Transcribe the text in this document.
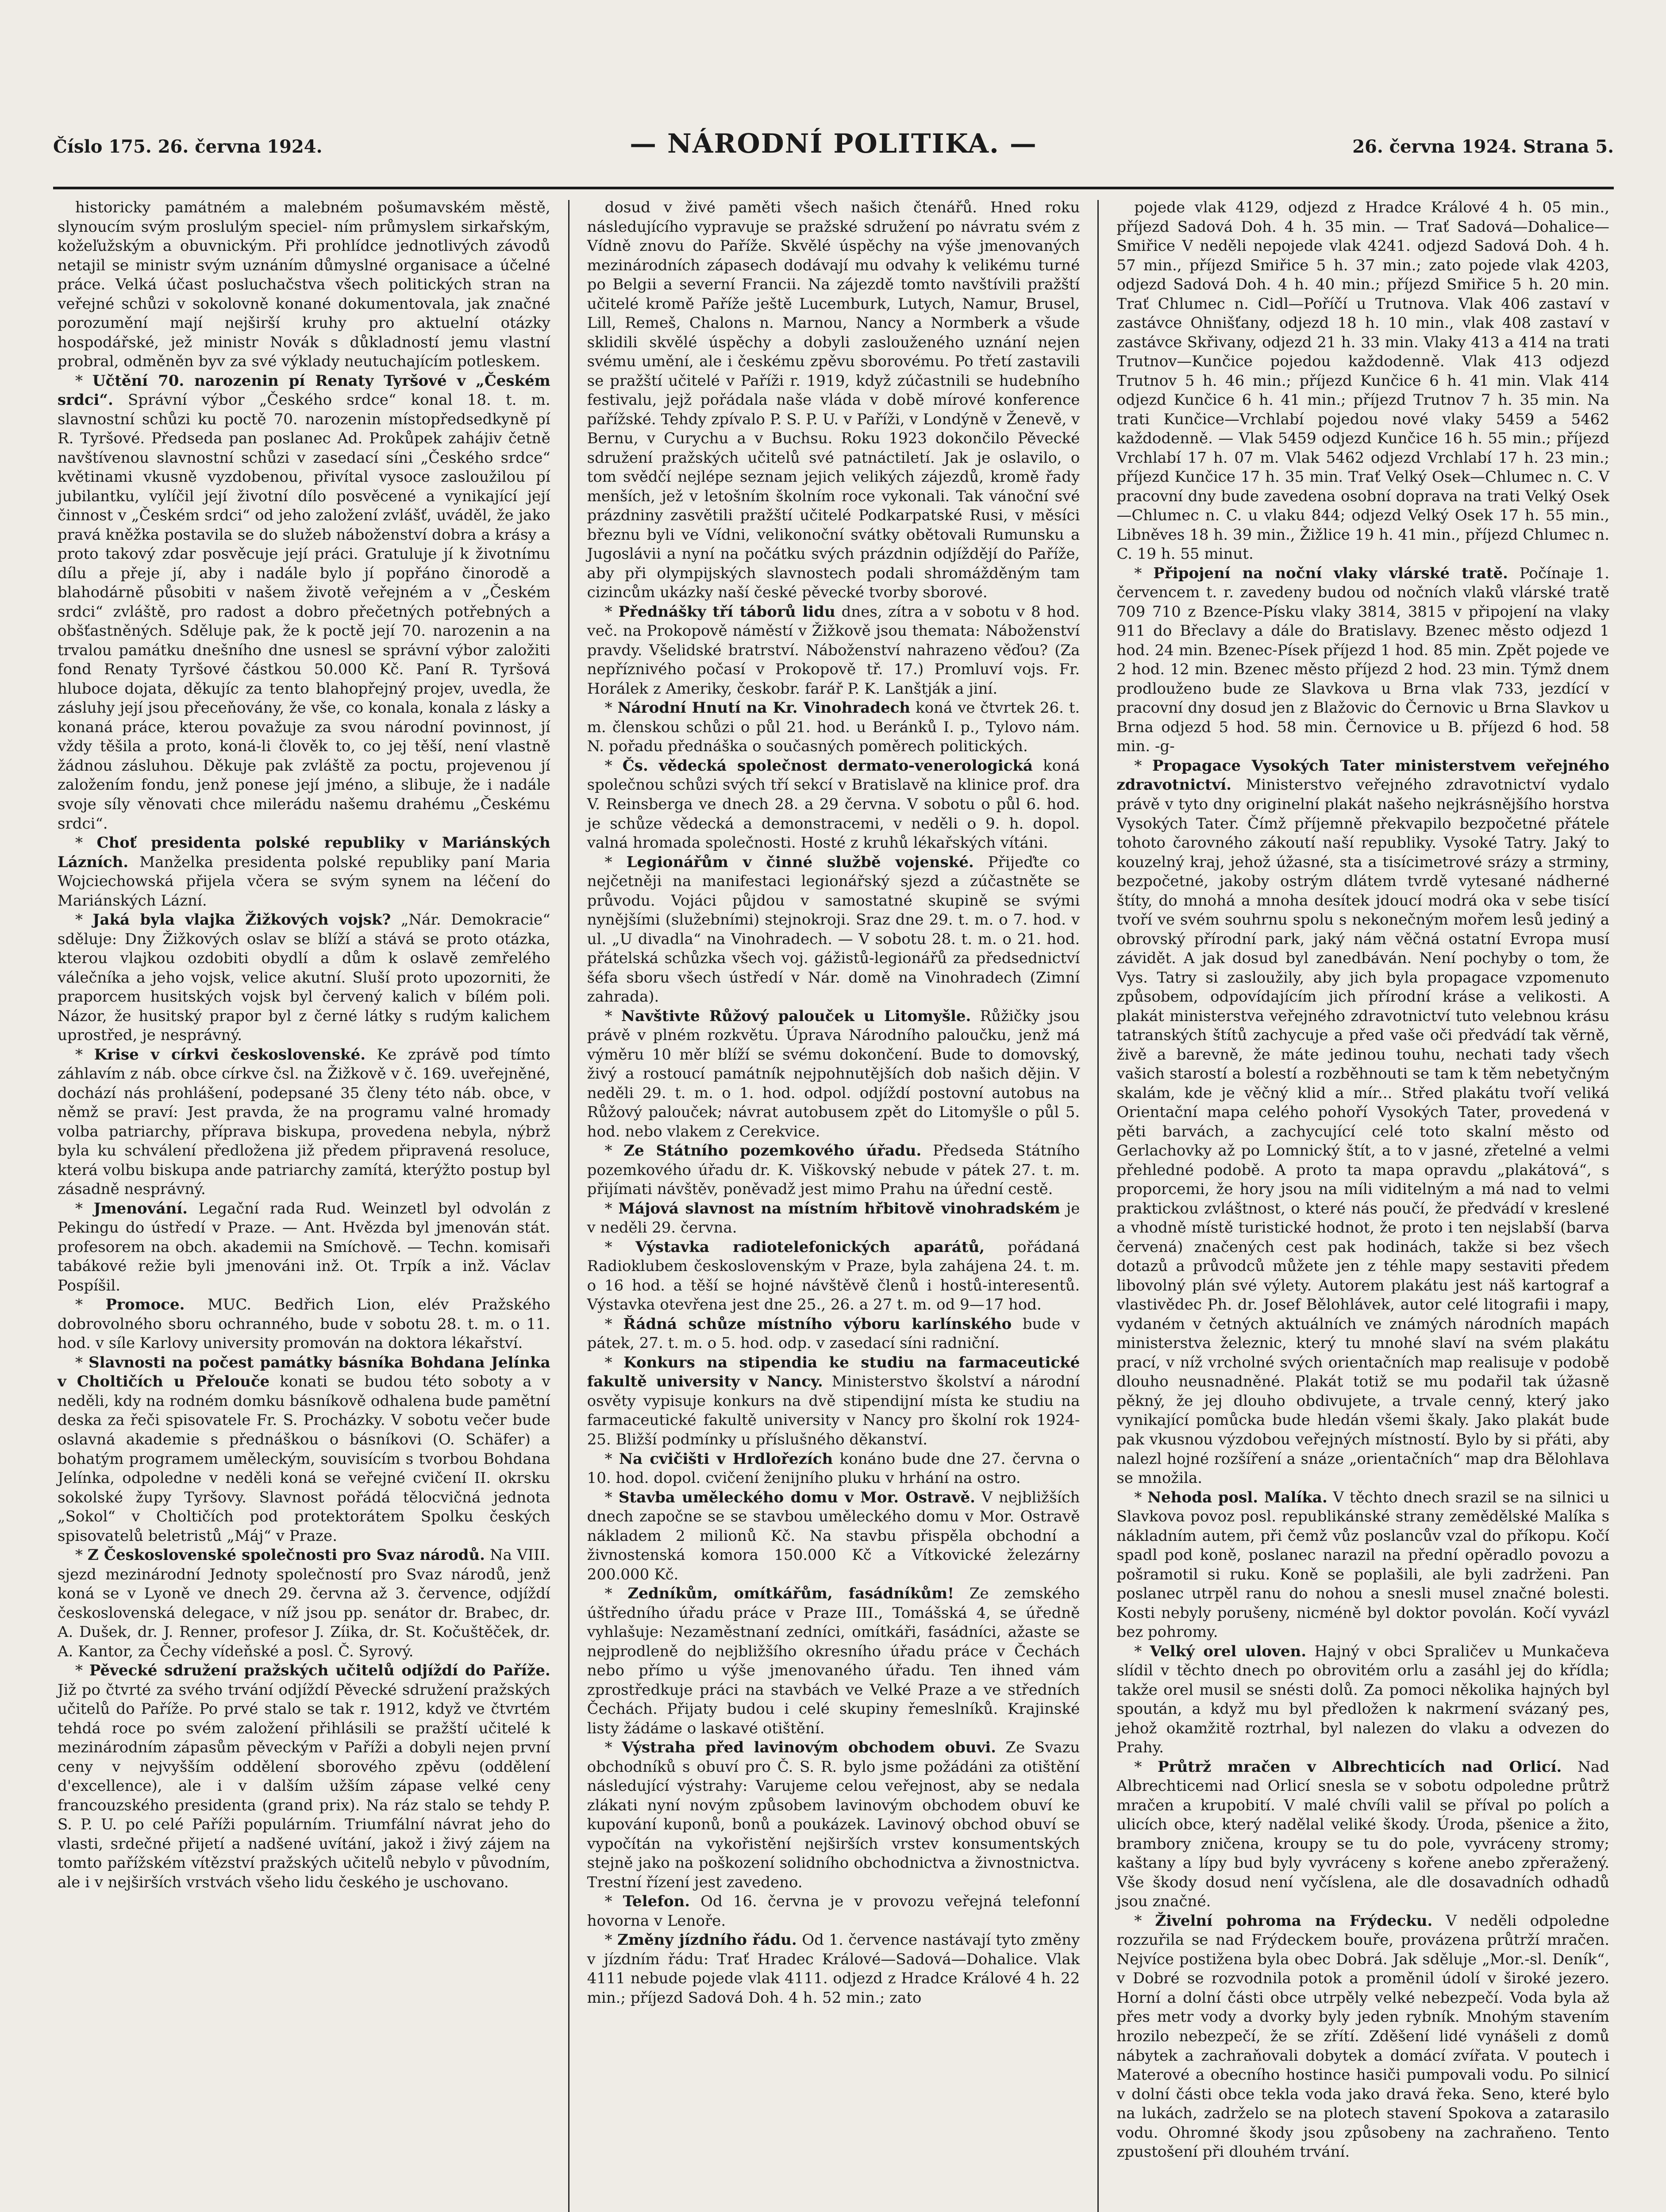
Číslo 175. 26. června 1924.	— NÁRODNÍ POLITIKA. —	26. června 1924. Strana 5.

historicky památném a malebném pošumavském městě, slynoucím svým proslulým speciel- ním průmyslem sirkařským, kožeľužským a obuvnickým. Při prohlídce jednotlivých závodů netajil se ministr svým uznáním důmyslné organisace a účelné práce. Velká účast posluchačstva všech politických stran na veřejné schůzi v sokolovně konané dokumentovala, jak značné porozumění mají nejširší kruhy pro aktuelní otázky hospodářské, jež ministr Novák s důkladností jemu vlastní probral, odměněn byv za své výklady neutuchajícím potleskem.

* Učtění 70. narozenin pí Renaty Tyršové v „Českém srdci“. Správní výbor „Českého srdce“ konal 18. t. m. slavnostní schůzi ku poctě 70. narozenin místopředsedkyně pí R. Tyršové. Předseda pan poslanec Ad. Prokůpek zahájiv četně navštívenou slavnostní schůzi v zasedací síni „Českého srdce“ květinami vkusně vyzdobenou, přivítal vysoce zasloužilou pí jubilantku, vylíčil její životní dílo posvěcené a vynikající její činnost v „Českém srdci“ od jeho založení zvlášť, uváděl, že jako pravá kněžka postavila se do služeb náboženství dobra a krásy a proto takový zdar posvěcuje její práci. Gratuluje jí k životnímu dílu a přeje jí, aby i nadále bylo jí popřáno činorodě a blahodárně působiti v našem životě veřejném a v „Českém srdci“ zvláště, pro radost a dobro přečetných potřebných a obšťastněných. Sděluje pak, že k poctě její 70. narozenin a na trvalou památku dnešního dne usnesl se správní výbor založiti fond Renaty Tyršové částkou 50.000 Kč. Paní R. Tyršová hluboce dojata, děkujíc za tento blahopřejný projev, uvedla, že zásluhy její jsou přeceňovány, že vše, co konala, konala z lásky a konaná práce, kterou považuje za svou národní povinnost, jí vždy těšila a proto, koná-li člověk to, co jej těší, není vlastně žádnou zásluhou. Děkuje pak zvláště za poctu, projevenou jí založením fondu, jenž ponese její jméno, a slibuje, že i nadále svoje síly věnovati chce milerádu našemu drahému „Českému srdci“.

* Choť presidenta polské republiky v Mariánských Lázních. Manželka presidenta polské republiky paní Maria Wojciechowská přijela včera se svým synem na léčení do Mariánských Lázní.

* Jaká byla vlajka Žižkových vojsk? „Nár. Demokracie“ sděluje: Dny Žižkových oslav se blíží a stává se proto otázka, kterou vlajkou ozdobiti obydlí a dům k oslavě zemřelého válečníka a jeho vojsk, velice akutní. Sluší proto upozorniti, že praporcem husitských vojsk byl červený kalich v bílém poli. Názor, že husitský prapor byl z černé látky s rudým kalichem uprostřed, je nesprávný.

* Krise v církvi československé. Ke zprávě pod tímto záhlavím z náb. obce církve čsl. na Žižkově v č. 169. uveřejněné, dochází nás prohlášení, podepsané 35 členy této náb. obce, v němž se praví: Jest pravda, že na programu valné hromady volba patriarchy, příprava biskupa, provedena nebyla, nýbrž byla ku schválení předložena již předem připravená resoluce, která volbu biskupa ande patriarchy zamítá, kterýžto postup byl zásadně nesprávný.

* Jmenování. Legační rada Rud. Weinzetl byl odvolán z Pekingu do ústředí v Praze. — Ant. Hvězda byl jmenován stát. profesorem na obch. akademii na Smíchově. — Techn. komisaři tabákové režie byli jmenováni inž. Ot. Trpík a inž. Václav Pospíšil.

* Promoce. MUC. Bedřich Lion, elév Pražského dobrovolného sboru ochranného, bude v sobotu 28. t. m. o 11. hod. v síle Karlovy university promován na doktora lékařství.

* Slavnosti na počest památky básníka Bohdana Jelínka v Choltičích u Přelouče konati se budou této soboty a v neděli, kdy na rodném domku básníkově odhalena bude pamětní deska za řeči spisovatele Fr. S. Procházky. V sobotu večer bude oslavná akademie s přednáškou o básníkovi (O. Schäfer) a bohatým programem uměleckým, souvisícím s tvorbou Bohdana Jelínka, odpoledne v neděli koná se veřejné cvičení II. okrsku sokolské župy Tyršovy. Slavnost pořádá tělocvičná jednota „Sokol“ v Choltičích pod protektorátem Spolku českých spisovatelů beletristů „Máj“ v Praze.

* Z Československé společnosti pro Svaz národů. Na VIII. sjezd mezinárodní Jednoty společností pro Svaz národů, jenž koná se v Lyoně ve dnech 29. června až 3. července, odjíždí československá delegace, v níž jsou pp. senátor dr. Brabec, dr. A. Dušek, dr. J. Renner, profesor J. Zíika, dr. St. Kočuštěček, dr. A. Kantor, za Čechy vídeňské a posl. Č. Syrový.

* Pěvecké sdružení pražských učitelů odjíždí do Paříže. Již po čtvrté za svého trvání odjíždí Pěvecké sdružení pražských učitelů do Paříže. Po prvé stalo se tak r. 1912, když ve čtvrtém tehdá roce po svém založení přihlásili se pražští učitelé k mezinárodním zápasům pěveckým v Paříži a dobyli nejen první ceny v nejvyšším oddělení sborového zpěvu (oddělení d'excellence), ale i v dalším užším zápase velké ceny francouzského presidenta (grand prix). Na ráz stalo se tehdy P. S. P. U. po celé Paříži populárním. Triumfální návrat jeho do vlasti, srdečné přijetí a nadšené uvítání, jakož i živý zájem na tomto pařížském vítězství pražských učitelů nebylo v původním, ale i v nejširších vrstvách všeho lidu českého je uschovano.

dosud v živé paměti všech našich čtenářů. Hned roku následujícího vypravuje se pražské sdružení po návratu svém z Vídně znovu do Paříže. Skvělé úspěchy na výše jmenovaných mezinárodních zápasech dodávají mu odvahy k velikému turné po Belgii a severní Francii. Na zájezdě tomto navštívili pražští učitelé kromě Paříže ještě Lucemburk, Lutych, Namur, Brusel, Lill, Remeš, Chalons n. Marnou, Nancy a Normberk a všude sklidili skvělé úspěchy a dobyli zaslouženého uznání nejen svému umění, ale i českému zpěvu sborovému. Po třetí zastavili se pražští učitelé v Paříži r. 1919, když zúčastnili se hudebního festivalu, jejž pořádala naše vláda v době mírové konference pařížské. Tehdy zpívalo P. S. P. U. v Paříži, v Londýně v Ženevě, v Bernu, v Curychu a v Buchsu. Roku 1923 dokončilo Pěvecké sdružení pražských učitelů své patnáctiletí. Jak je oslavilo, o tom svědčí nejlépe seznam jejich velikých zájezdů, kromě řady menších, jež v letošním školním roce vykonali. Tak vánoční své prázdniny zasvětili pražští učitelé Podkarpatské Rusi, v měsíci březnu byli ve Vídni, velikonoční svátky obětovali Rumunsku a Jugoslávii a nyní na počátku svých prázdnin odjíždějí do Paříže, aby při olympijských slavnostech podali shromážděným tam cizincům ukázky naší české pěvecké tvorby sborové.

* Přednášky tří táborů lidu dnes, zítra a v sobotu v 8 hod. več. na Prokopově náměstí v Žižkově jsou themata: Náboženství pravdy. Všelidské bratrství. Náboženství nahrazeno věďou? (Za nepříznivého počasí v Prokopově tř. 17.) Promluví vojs. Fr. Horálek z Ameriky, českobr. farář P. K. Lanštják a jiní.

* Národní Hnutí na Kr. Vinohradech koná ve čtvrtek 26. t. m. členskou schůzi o půl 21. hod. u Beránků I. p., Tylovo nám. N. pořadu přednáška o současných poměrech politických.

* Čs. vědecká společnost dermato-venerologická koná společnou schůzi svých tří sekcí v Bratislavě na klinice prof. dra V. Reinsberga ve dnech 28. a 29 června. V sobotu o půl 6. hod. je schůze vědecká a demonstracemi, v neděli o 9. h. dopol. valná hromada společnosti. Hosté z kruhů lékařských vítáni.

* Legionářům v činné službě vojenské. Přijeďte co nejčetněji na manifestaci legionářský sjezd a zúčastněte se průvodu. Vojáci půjdou v samostatné skupině se svými nynějšími (služebními) stejnokroji. Sraz dne 29. t. m. o 7. hod. v ul. „U divadla“ na Vinohradech. — V sobotu 28. t. m. o 21. hod. přátelská schůzka všech voj. gážistů-legionářů za předsednictví šéfa sboru všech ústředí v Nár. domě na Vinohradech (Zimní zahrada).

* Navštivte Růžový palouček u Litomyšle. Růžičky jsou právě v plném rozkvětu. Úprava Národního paloučku, jenž má výměru 10 měr blíží se svému dokončení. Bude to domovský, živý a rostoucí památník nejpohnutějších dob našich dějin. V neděli 29. t. m. o 1. hod. odpol. odjíždí postovní autobus na Růžový palouček; návrat autobusem zpět do Litomyšle o půl 5. hod. nebo vlakem z Cerekvice.

* Ze Státního pozemkového úřadu. Předseda Státního pozemkového úřadu dr. K. Viškovský nebude v pátek 27. t. m. přijímati návštěv, poněvadž jest mimo Prahu na úřední cestě.

* Májová slavnost na místním hřbitově vinohradském je v neděli 29. června.

* Výstavka radiotelefonických aparátů, pořádaná Radioklubem československým v Praze, byla zahájena 24. t. m. o 16 hod. a těší se hojné návštěvě členů i hostů-interesentů. Výstavka otevřena jest dne 25., 26. a 27 t. m. od 9—17 hod.

* Řádná schůze místního výboru karlínského bude v pátek, 27. t. m. o 5. hod. odp. v zasedací síni radniční.

* Konkurs na stipendia ke studiu na farmaceutické fakultě university v Nancy. Ministerstvo školství a národní osvěty vypisuje konkurs na dvě stipendijní místa ke studiu na farmaceutické fakultě university v Nancy pro školní rok 1924-25. Bližší podmínky u příslušného děkanství.

* Na cvičišti v Hrdlořezích konáno bude dne 27. června o 10. hod. dopol. cvičení ženijního pluku v hrhání na ostro.

* Stavba uměleckého domu v Mor. Ostravě. V nejbližších dnech započne se se stavbou uměleckého domu v Mor. Ostravě nákladem 2 milionů Kč. Na stavbu přispěla obchodní a živnostenská komora 150.000 Kč a Vítkovické železárny 200.000 Kč.

* Zedníkům, omítkářům, fasádníkům! Ze zemského úštředního úřadu práce v Praze III., Tomášská 4, se úředně vyhlašuje: Nezaměstnaní zedníci, omítkáři, fasádníci, ažaste se nejprodleně do nejbližšího okresního úřadu práce v Čechách nebo přímo u výše jmenovaného úřadu. Ten ihned vám zprostředkuje práci na stavbách ve Velké Praze a ve středních Čechách. Přijaty budou i celé skupiny řemeslníků. Krajinské listy žádáme o laskavé otištění.

* Výstraha před lavinovým obchodem obuvi. Ze Svazu obchodníků s obuví pro Č. S. R. bylo jsme požádáni za otištění následující výstrahy: Varujeme celou veřejnost, aby se nedala zlákati nyní novým způsobem lavinovým obchodem obuví ke kupování kuponů, bonů a poukázek. Lavinový obchod obuví se vypočítán na vykořistění nejširších vrstev konsumentských stejně jako na poškození solidního obchodnictva a živnostnictva. Trestní řízení jest zavedeno.

* Telefon. Od 16. června je v provozu veřejná telefonní hovorna v Lenoře.

* Změny jízdního řádu. Od 1. července nastávají tyto změny v jízdním řádu: Trať Hradec Králové—Sadová—Dohalice. Vlak 4111 nebude pojede vlak 4111. odjezd z Hradce Králové 4 h. 22 min.; příjezd Sadová Doh. 4 h. 52 min.; zato

pojede vlak 4129, odjezd z Hradce Králové 4 h. 05 min., příjezd Sadová Doh. 4 h. 35 min. — Trať Sadová—Dohalice—Smiřice V neděli nepojede vlak 4241. odjezd Sadová Doh. 4 h. 57 min., příjezd Smiřice 5 h. 37 min.; zato pojede vlak 4203, odjezd Sadová Doh. 4 h. 40 min.; příjezd Smiřice 5 h. 20 min. Trať Chlumec n. Cidl—Poříčí u Trutnova. Vlak 406 zastaví v zastávce Ohnišťany, odjezd 18 h. 10 min., vlak 408 zastaví v zastávce Skřivany, odjezd 21 h. 33 min. Vlaky 413 a 414 na trati Trutnov—Kunčice pojedou každodenně. Vlak 413 odjezd Trutnov 5 h. 46 min.; příjezd Kunčice 6 h. 41 min. Vlak 414 odjezd Kunčice 6 h. 41 min.; příjezd Trutnov 7 h. 35 min. Na trati Kunčice—Vrchlabí pojedou nové vlaky 5459 a 5462 každodenně. — Vlak 5459 odjezd Kunčice 16 h. 55 min.; příjezd Vrchlabí 17 h. 07 m. Vlak 5462 odjezd Vrchlabí 17 h. 23 min.; příjezd Kunčice 17 h. 35 min. Trať Velký Osek—Chlumec n. C. V pracovní dny bude zavedena osobní doprava na trati Velký Osek—Chlumec n. C. u vlaku 844; odjezd Velký Osek 17 h. 55 min., Libněves 18 h. 39 min., Žižlice 19 h. 41 min., příjezd Chlumec n. C. 19 h. 55 minut.

* Připojení na noční vlaky vlárské tratě. Počínaje 1. červencem t. r. zavedeny budou od nočních vlaků vlárské tratě 709 710 z Bzence-Písku vlaky 3814, 3815 v připojení na vlaky 911 do Břeclavy a dále do Bratislavy. Bzenec město odjezd 1 hod. 24 min. Bzenec-Písek příjezd 1 hod. 85 min. Zpět pojede ve 2 hod. 12 min. Bzenec město příjezd 2 hod. 23 min. Týmž dnem prodlouženo bude ze Slavkova u Brna vlak 733, jezdící v pracovní dny dosud jen z Blažovic do Černovic u Brna Slavkov u Brna odjezd 5 hod. 58 min. Černovice u B. příjezd 6 hod. 58 min. -g-

* Propagace Vysokých Tater ministerstvem veřejného zdravotnictví. Ministerstvo veřejného zdravotnictví vydalo právě v tyto dny originelní plakát našeho nejkrásnějšího horstva Vysokých Tater. Čímž příjemně překvapilo bezpočetné přátele tohoto čarovného zákoutí naší republiky. Vysoké Tatry. Jaký to kouzelný kraj, jehož úžasné, sta a tisícimetrové srázy a strminy, bezpočetné, jakoby ostrým dlátem tvrdě vytesané nádherné štíty, do mnohá a mnoha desítek jdoucí modrá oka v sebe tisící tvoří ve svém souhrnu spolu s nekonečným mořem lesů jediný a obrovský přírodní park, jaký nám věčná ostatní Evropa musí závidět. A jak dosud byl zanedbáván. Není pochyby o tom, že Vys. Tatry si zasloužily, aby jich byla propagace vzpomenuto způsobem, odpovídajícím jich přírodní kráse a velikosti. A plakát ministerstva veřejného zdravotnictví tuto velebnou krásu tatranských štítů zachycuje a před vaše oči předvádí tak věrně, živě a barevně, že máte jedinou touhu, nechati tady všech vašich starostí a bolestí a rozběhnouti se tam k těm nebetyčným skalám, kde je věčný klid a mír... Střed plakátu tvoří veliká Orientační mapa celého pohoří Vysokých Tater, provedená v pěti barvách, a zachycující celé toto skalní město od Gerlachovky až po Lomnický štít, a to v jasné, zřetelné a velmi přehledné podobě. A proto ta mapa opravdu „plakátová“, s proporcemi, že hory jsou na míli viditelným a má nad to velmi praktickou zvláštnost, o které nás poučí, že předvádí v kreslené a vhodně místě turistické hodnot, že proto i ten nejslabší (barva červená) značených cest pak hodinách, takže si bez všech dotazů a průvodců můžete jen z téhle mapy sestaviti předem libovolný plán své výlety. Autorem plakátu jest náš kartograf a vlastivědec Ph. dr. Josef Bělohlávek, autor celé litografii i mapy, vydaném v četných aktuálních ve známých národních mapách ministerstva železnic, který tu mnohé slaví na svém plakátu prací, v níž vrcholné svých orientačních map realisuje v podobě dlouho neusnadněné. Plakát totiž se mu podařil tak úžasně pěkný, že jej dlouho obdivujete, a trvale cenný, který jako vynikající pomůcka bude hledán všemi škaly. Jako plakát bude pak vkusnou výzdobou veřejných místností. Bylo by si přáti, aby nalezl hojné rozšíření a snáze „orientačních“ map dra Bělohlava se množila.

* Nehoda posl. Malíka. V těchto dnech srazil se na silnici u Slavkova povoz posl. republikánské strany zemědělské Malíka s nákladním autem, při čemž vůz poslancův vzal do příkopu. Kočí spadl pod koně, poslanec narazil na přední opěradlo povozu a pošramotil si ruku. Koně se poplašili, ale byli zadrženi. Pan poslanec utrpěl ranu do nohou a snesli musel značné bolesti. Kosti nebyly porušeny, nicméně byl doktor povolán. Kočí vyvázl bez pohromy.

* Velký orel uloven. Hajný v obci Spraličev u Munkačeva slídil v těchto dnech po obrovitém orlu a zasáhl jej do křídla; takže orel musil se snésti dolů. Za pomoci několika hajných byl spoután, a když mu byl předložen k nakrmení svázaný pes, jehož okamžitě roztrhal, byl nalezen do vlaku a odvezen do Prahy.

* Průtrž mračen v Albrechticích nad Orlicí. Nad Albrechticemi nad Orlicí snesla se v sobotu odpoledne průtrž mračen a krupobití. V malé chvíli valil se příval po polích a ulicích obce, který nadělal veliké škody. Úroda, pšenice a žito, brambory zničena, kroupy se tu do pole, vyvráceny stromy; kaštany a lípy bud byly vyvráceny s kořene anebo zpřeražený. Vše škody dosud není vyčíslena, ale dle dosavadních odhadů jsou značné.

* Živelní pohroma na Frýdecku. V neděli odpoledne rozzuřila se nad Frýdeckem bouře, provázena průtrží mračen. Nejvíce postižena byla obec Dobrá. Jak sděluje „Mor.-sl. Deník“, v Dobré se rozvodnila potok a proměnil údolí v široké jezero. Horní a dolní části obce utrpěly velké nebezpečí. Voda byla až přes metr vody a dvorky byly jeden rybník. Mnohým stavením hrozilo nebezpečí, že se zřítí. Zděšení lidé vynášeli z domů nábytek a zachraňovali dobytek a domácí zvířata. V poutech i Materové a obecního hostince hasiči pumpovali vodu. Po silnicí v dolní části obce tekla voda jako dravá řeka. Seno, které bylo na lukách, zadrželo se na plotech stavení Spokova a zatarasilo vodu. Ohromné škody jsou způsobeny na zachraňeno. Tento zpustošení při dlouhém trvání.
